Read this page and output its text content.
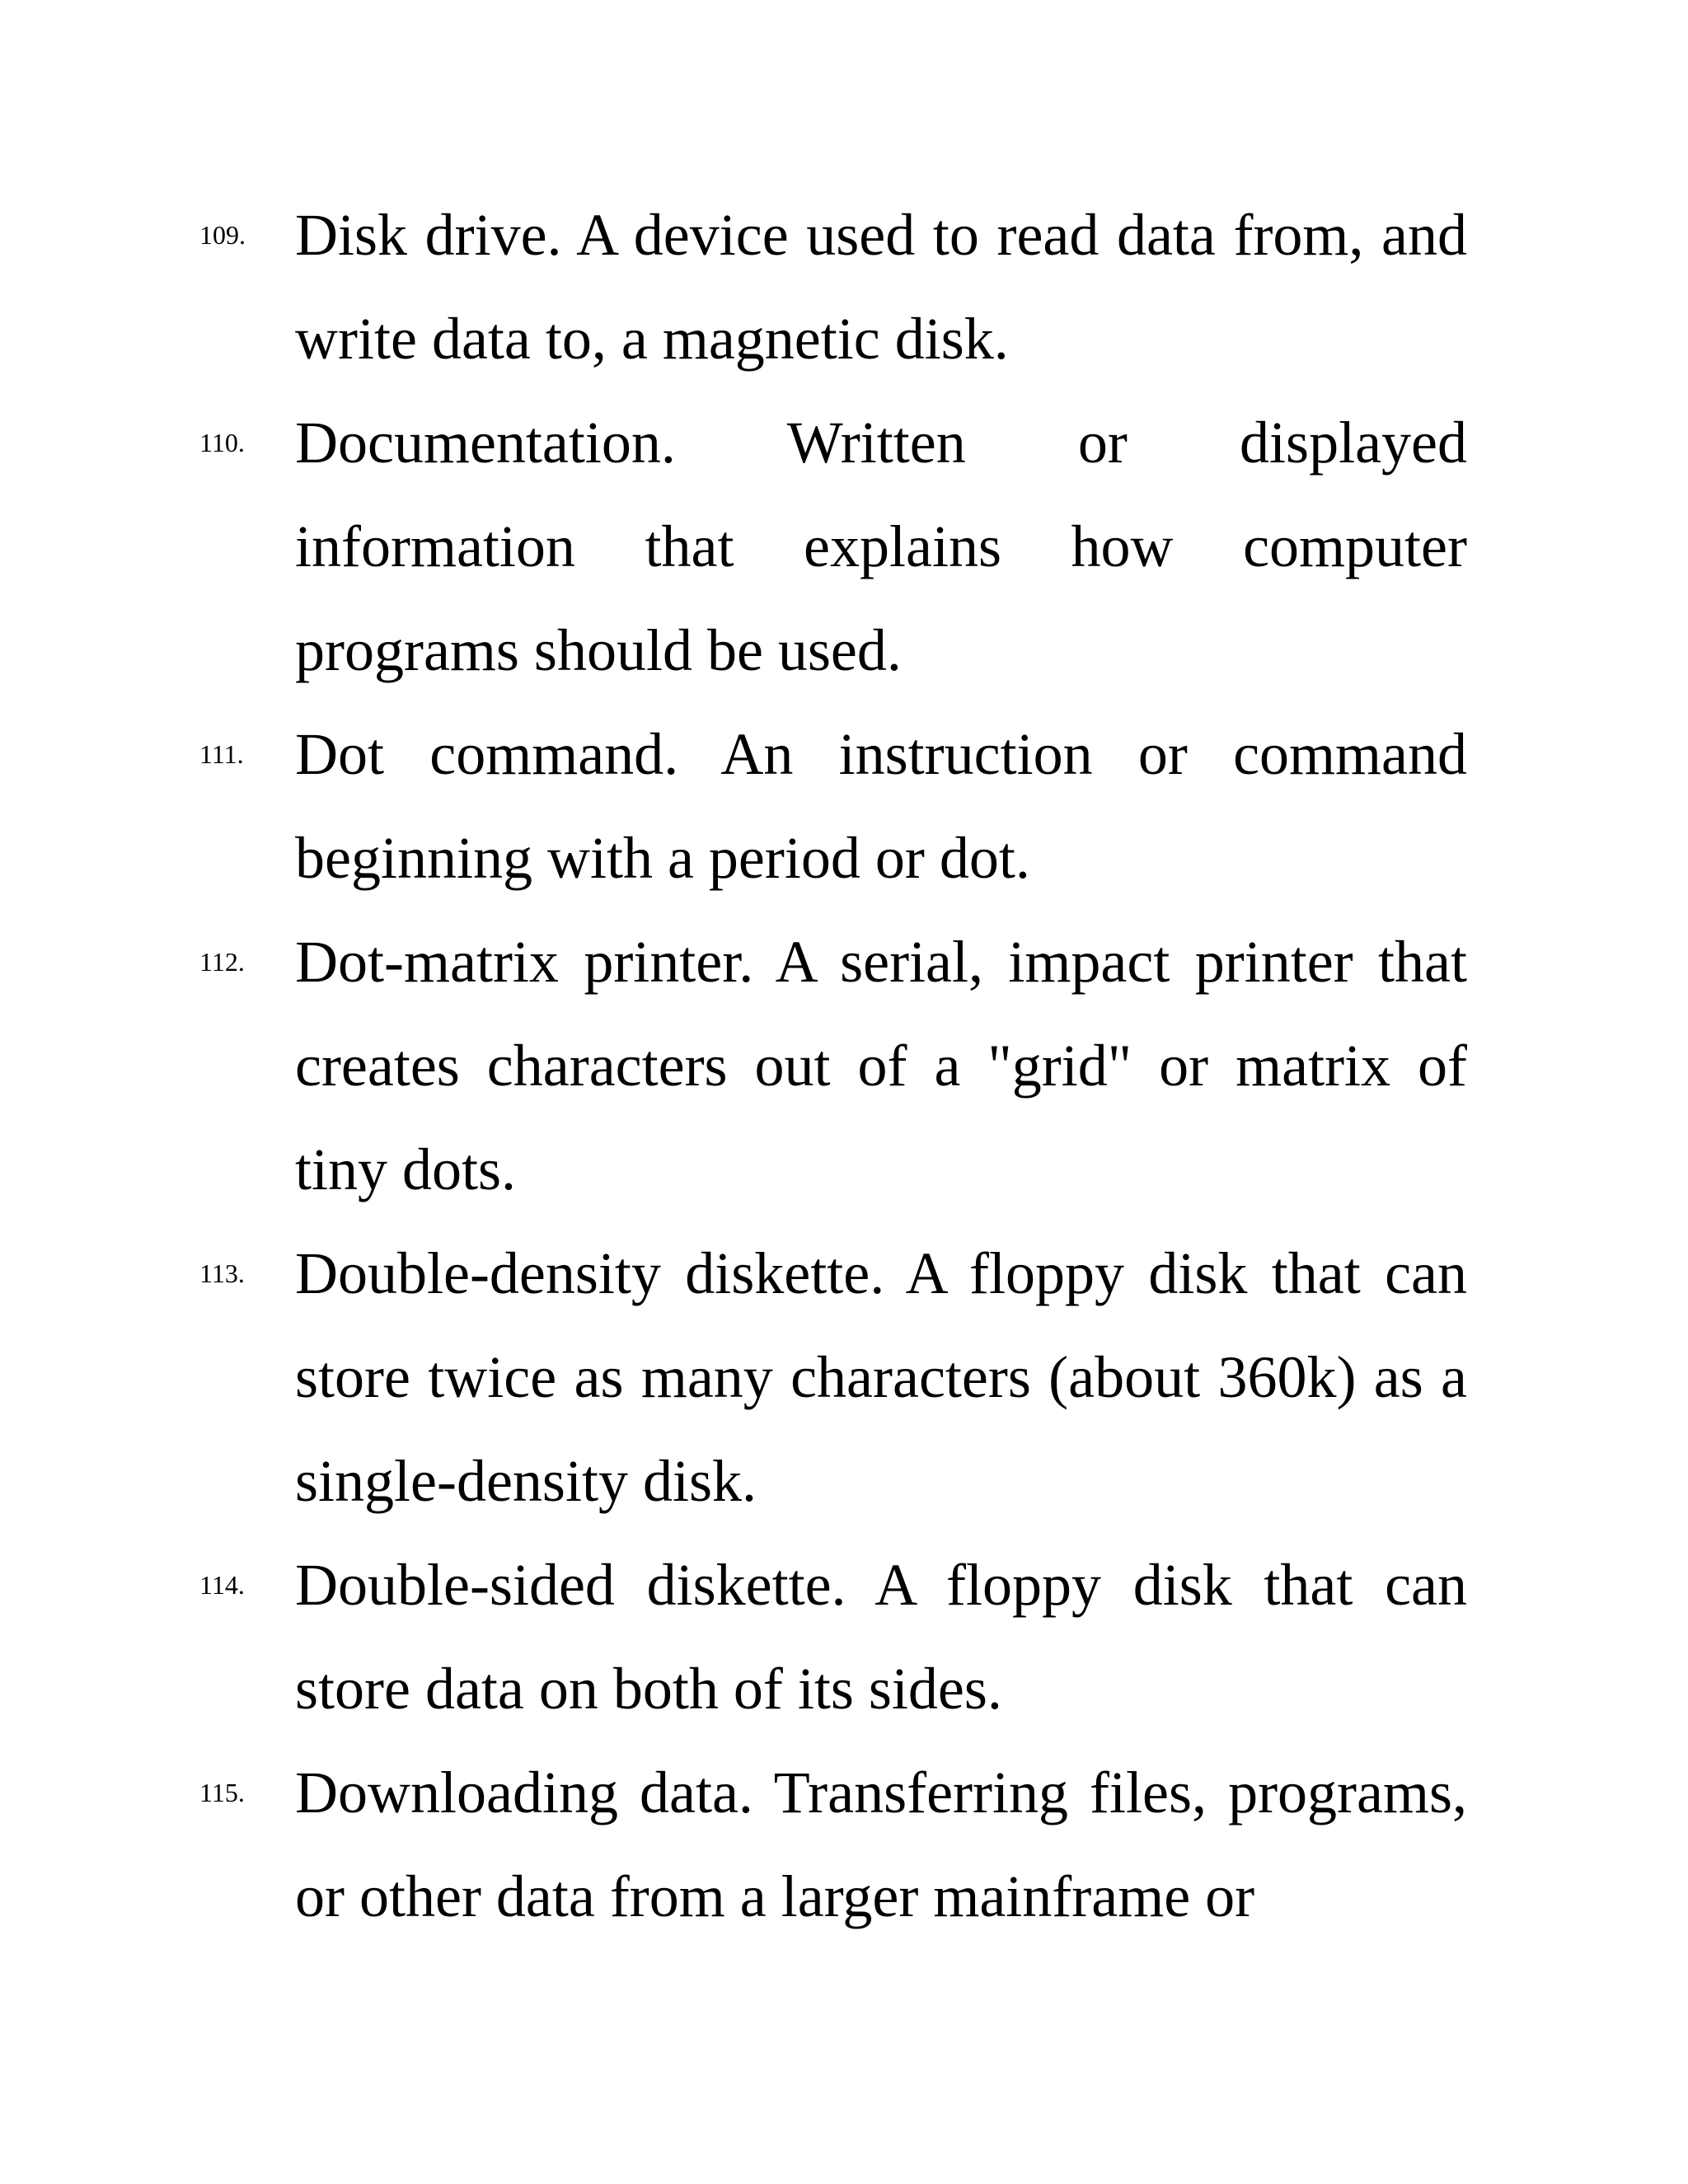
109. Disk drive. A device used to read data from, and write data to, a magnetic disk.
110. Documentation. Written or displayed information that explains how computer programs should be used.
111. Dot command. An instruction or command beginning with a period or dot.
112. Dot-matrix printer. A serial, impact printer that creates characters out of a "grid" or matrix of tiny dots.
113. Double-density diskette. A floppy disk that can store twice as many characters (about 360k) as a single-density disk.
114. Double-sided diskette. A floppy disk that can store data on both of its sides.
115. Downloading data. Transferring files, programs, or other data from a larger mainframe or
